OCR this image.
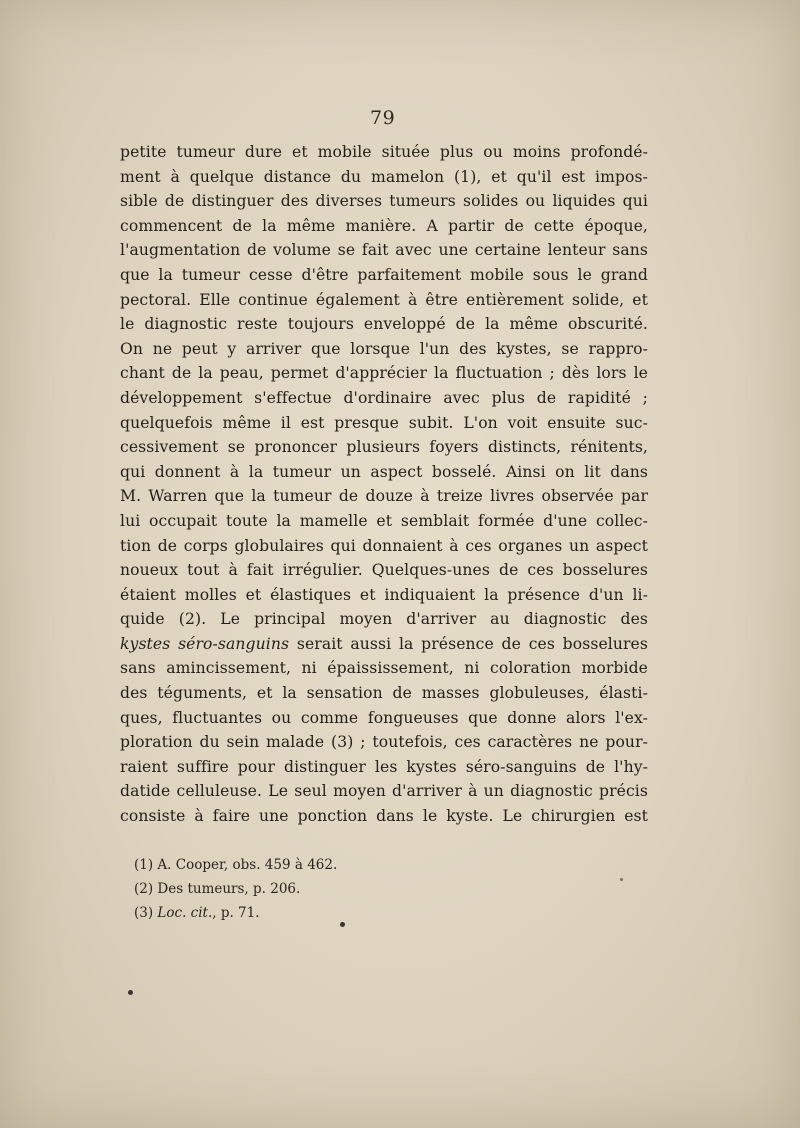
79
petite tumeur dure et mobile située plus ou moins profondé-
ment à quelque distance du mamelon (1), et qu'il est impos-
sible de distinguer des diverses tumeurs solides ou liquides qui
commencent de la même manière. A partir de cette époque,
l'augmentation de volume se fait avec une certaine lenteur sans
que la tumeur cesse d'être parfaitement mobile sous le grand
pectoral. Elle continue également à être entièrement solide, et
le diagnostic reste toujours enveloppé de la même obscurité.
On ne peut y arriver que lorsque l'un des kystes, se rappro-
chant de la peau, permet d'apprécier la fluctuation ; dès lors le
développement s'effectue d'ordinaire avec plus de rapidité ;
quelquefois même il est presque subit. L'on voit ensuite suc-
cessivement se prononcer plusieurs foyers distincts, rénitents,
qui donnent à la tumeur un aspect bosselé. Ainsi on lit dans
M. Warren que la tumeur de douze à treize livres observée par
lui occupait toute la mamelle et semblait formée d'une collec-
tion de corps globulaires qui donnaient à ces organes un aspect
noueux tout à fait irrégulier. Quelques-unes de ces bosselures
étaient molles et élastiques et indiquaient la présence d'un li-
quide (2). Le principal moyen d'arriver au diagnostic des
kystes séro-sanguins serait aussi la présence de ces bosselures
sans amincissement, ni épaississement, ni coloration morbide
des téguments, et la sensation de masses globuleuses, élasti-
ques, fluctuantes ou comme fongueuses que donne alors l'ex-
ploration du sein malade (3) ; toutefois, ces caractères ne pour-
raient suffire pour distinguer les kystes séro-sanguins de l'hy-
datide celluleuse. Le seul moyen d'arriver à un diagnostic précis
consiste à faire une ponction dans le kyste. Le chirurgien est
(1) A. Cooper, obs. 459 à 462.
(2) Des tumeurs, p. 206.
(3) Loc. cit., p. 71.
